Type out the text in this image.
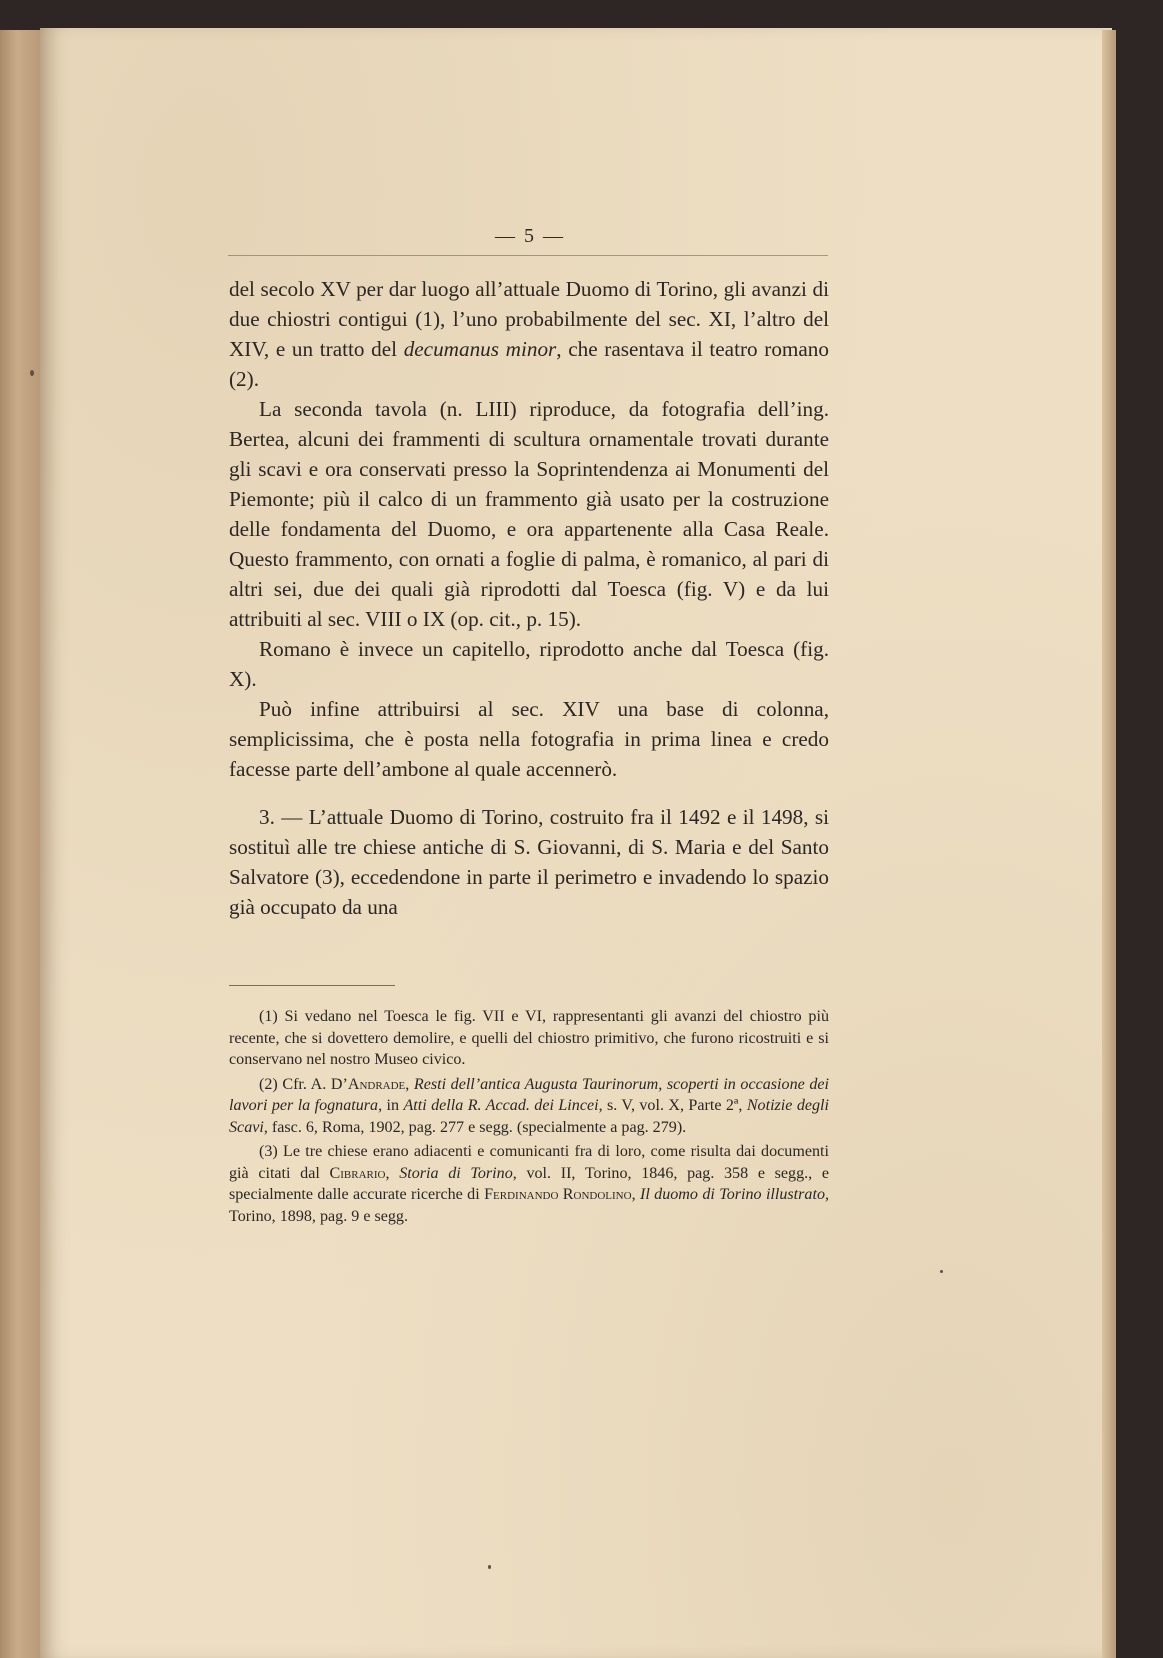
— 5 —

del secolo XV per dar luogo all’attuale Duomo di Torino, gli avanzi di due chiostri contigui (1), l’uno probabilmente del sec. XI, l’altro del XIV, e un tratto del decumanus minor, che rasentava il teatro romano (2).

La seconda tavola (n. LIII) riproduce, da fotografia dell’ing. Bertea, alcuni dei frammenti di scultura ornamentale trovati durante gli scavi e ora conservati presso la Soprintendenza ai Monumenti del Piemonte; più il calco di un frammento già usato per la costruzione delle fondamenta del Duomo, e ora appartenente alla Casa Reale. Questo frammento, con ornati a foglie di palma, è romanico, al pari di altri sei, due dei quali già riprodotti dal Toesca (fig. V) e da lui attribuiti al sec. VIII o IX (op. cit., p. 15).

Romano è invece un capitello, riprodotto anche dal Toesca (fig. X).

Può infine attribuirsi al sec. XIV una base di colonna, semplicissima, che è posta nella fotografia in prima linea e credo facesse parte dell’ambone al quale accennerò.

3. — L’attuale Duomo di Torino, costruito fra il 1492 e il 1498, si sostituì alle tre chiese antiche di S. Giovanni, di S. Maria e del Santo Salvatore (3), eccedendone in parte il perimetro e invadendo lo spazio già occupato da una

(1) Si vedano nel Toesca le fig. VII e VI, rappresentanti gli avanzi del chiostro più recente, che si dovettero demolire, e quelli del chiostro primitivo, che furono ricostruiti e si conservano nel nostro Museo civico.

(2) Cfr. A. D’Andrade, Resti dell’antica Augusta Taurinorum, scoperti in occasione dei lavori per la fognatura, in Atti della R. Accad. dei Lincei, s. V, vol. X, Parte 2ª, Notizie degli Scavi, fasc. 6, Roma, 1902, pag. 277 e segg. (specialmente a pag. 279).

(3) Le tre chiese erano adiacenti e comunicanti fra di loro, come risulta dai documenti già citati dal Cibrario, Storia di Torino, vol. II, Torino, 1846, pag. 358 e segg., e specialmente dalle accurate ricerche di Ferdinando Rondolino, Il duomo di Torino illustrato, Torino, 1898, pag. 9 e segg.
